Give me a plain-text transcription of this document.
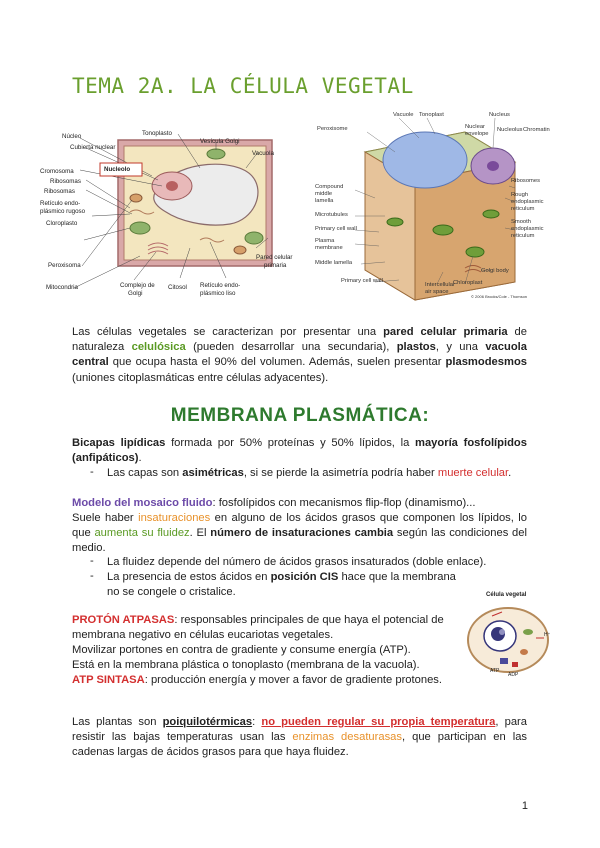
TEMA 2A. LA CÉLULA VEGETAL
Núcleo
Cubierta nuclear
Tonoplasto
Vesícula Golgi
Vacuola
Nucleolo
Cromosoma
Ribosomas
Ribosomas
Retículo endo-
plásmico rugoso
Cloroplasto
Peroxisoma
Mitocondria	Complejo de
Golgi
Citosol Retículo endo-
plásmico liso
Pared celular
primaria
Vacuole Tonoplast	Nucleus
Peroxisome	Nuclear
envelope
Nucleolus Chromatin
Ribosomes
Rough
endoplasmic
reticulum
Smooth
endoplasmic
reticulum
Compound
middle
lamella
Microtubules
Primary cell wall
Plasma
membrane
Middle lamella
Golgi body
Primary cell wall	Chloroplast
Intercellular
air space
© 2006 Brooks/Cole - Thomson
Las células vegetales se caracterizan por presentar una pared celular primaria de naturaleza celulósica (pueden desarrollar una secundaria), plastos, y una vacuola central que ocupa hasta el 90% del volumen. Además, suelen presentar plasmodesmos (uniones citoplasmáticas entre células adyacentes).
MEMBRANA PLASMÁTICA:
Bicapas lipídicas formada por 50% proteínas y 50% lípidos, la mayoría fosfolípidos (anfipáticos).
- Las capas son asimétricas, si se pierde la asimetría podría haber muerte celular.
Modelo del mosaico fluido: fosfolípidos con mecanismos flip-flop (dinamismo)...
Suele haber insaturaciones en alguno de los ácidos grasos que componen los lípidos, lo que aumenta su fluidez. El número de insaturaciones cambia según las condiciones del medio.
- La fluidez depende del número de ácidos grasos insaturados (doble enlace).
- La presencia de estos ácidos en posición CIS hace que la membrana
no se congele o cristalice.
PROTÓN ATPASAS: responsables principales de que haya el potencial de
membrana negativo en células eucariotas vegetales.
Movilizar portones en contra de gradiente y consume energía (ATP).
Está en la membrana plástica o tonoplasto (membrana de la vacuola).
ATP SINTASA: producción energía y mover a favor de gradiente protones.
Célula vegetal
H⁺
ATP
ADP
Las plantas son poiquilotérmicas: no pueden regular su propia temperatura, para resistir las bajas temperaturas usan las enzimas desaturasas, que participan en las cadenas largas de ácidos grasos para que haya fluidez.
1
